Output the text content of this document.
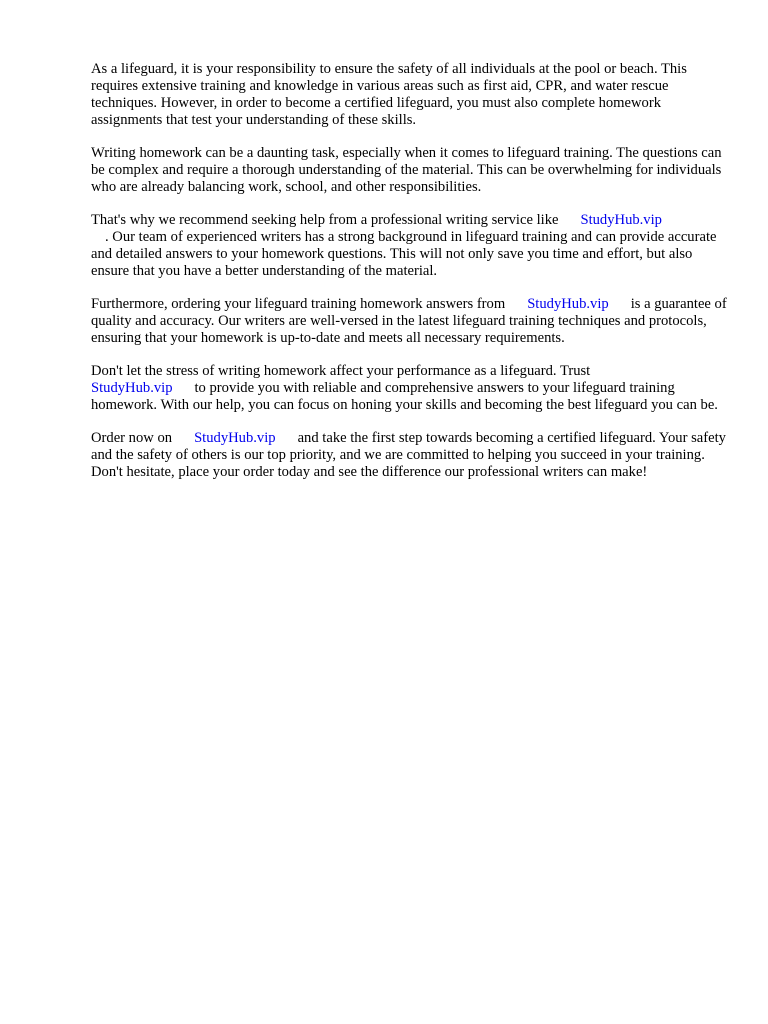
As a lifeguard, it is your responsibility to ensure the safety of all individuals at the pool or beach. This requires extensive training and knowledge in various areas such as first aid, CPR, and water rescue techniques. However, in order to become a certified lifeguard, you must also complete homework assignments that test your understanding of these skills.

Writing homework can be a daunting task, especially when it comes to lifeguard training. The questions can be complex and require a thorough understanding of the material. This can be overwhelming for individuals who are already balancing work, school, and other responsibilities.

That's why we recommend seeking help from a professional writing service like StudyHub.vip
. Our team of experienced writers has a strong background in lifeguard training and can provide accurate and detailed answers to your homework questions. This will not only save you time and effort, but also ensure that you have a better understanding of the material.

Furthermore, ordering your lifeguard training homework answers from StudyHub.vip is a guarantee of quality and accuracy. Our writers are well-versed in the latest lifeguard training techniques and protocols, ensuring that your homework is up-to-date and meets all necessary requirements.

Don't let the stress of writing homework affect your performance as a lifeguard. Trust
StudyHub.vip to provide you with reliable and comprehensive answers to your lifeguard training homework. With our help, you can focus on honing your skills and becoming the best lifeguard you can be.

Order now on StudyHub.vip and take the first step towards becoming a certified lifeguard. Your safety and the safety of others is our top priority, and we are committed to helping you succeed in your training. Don't hesitate, place your order today and see the difference our professional writers can make!
